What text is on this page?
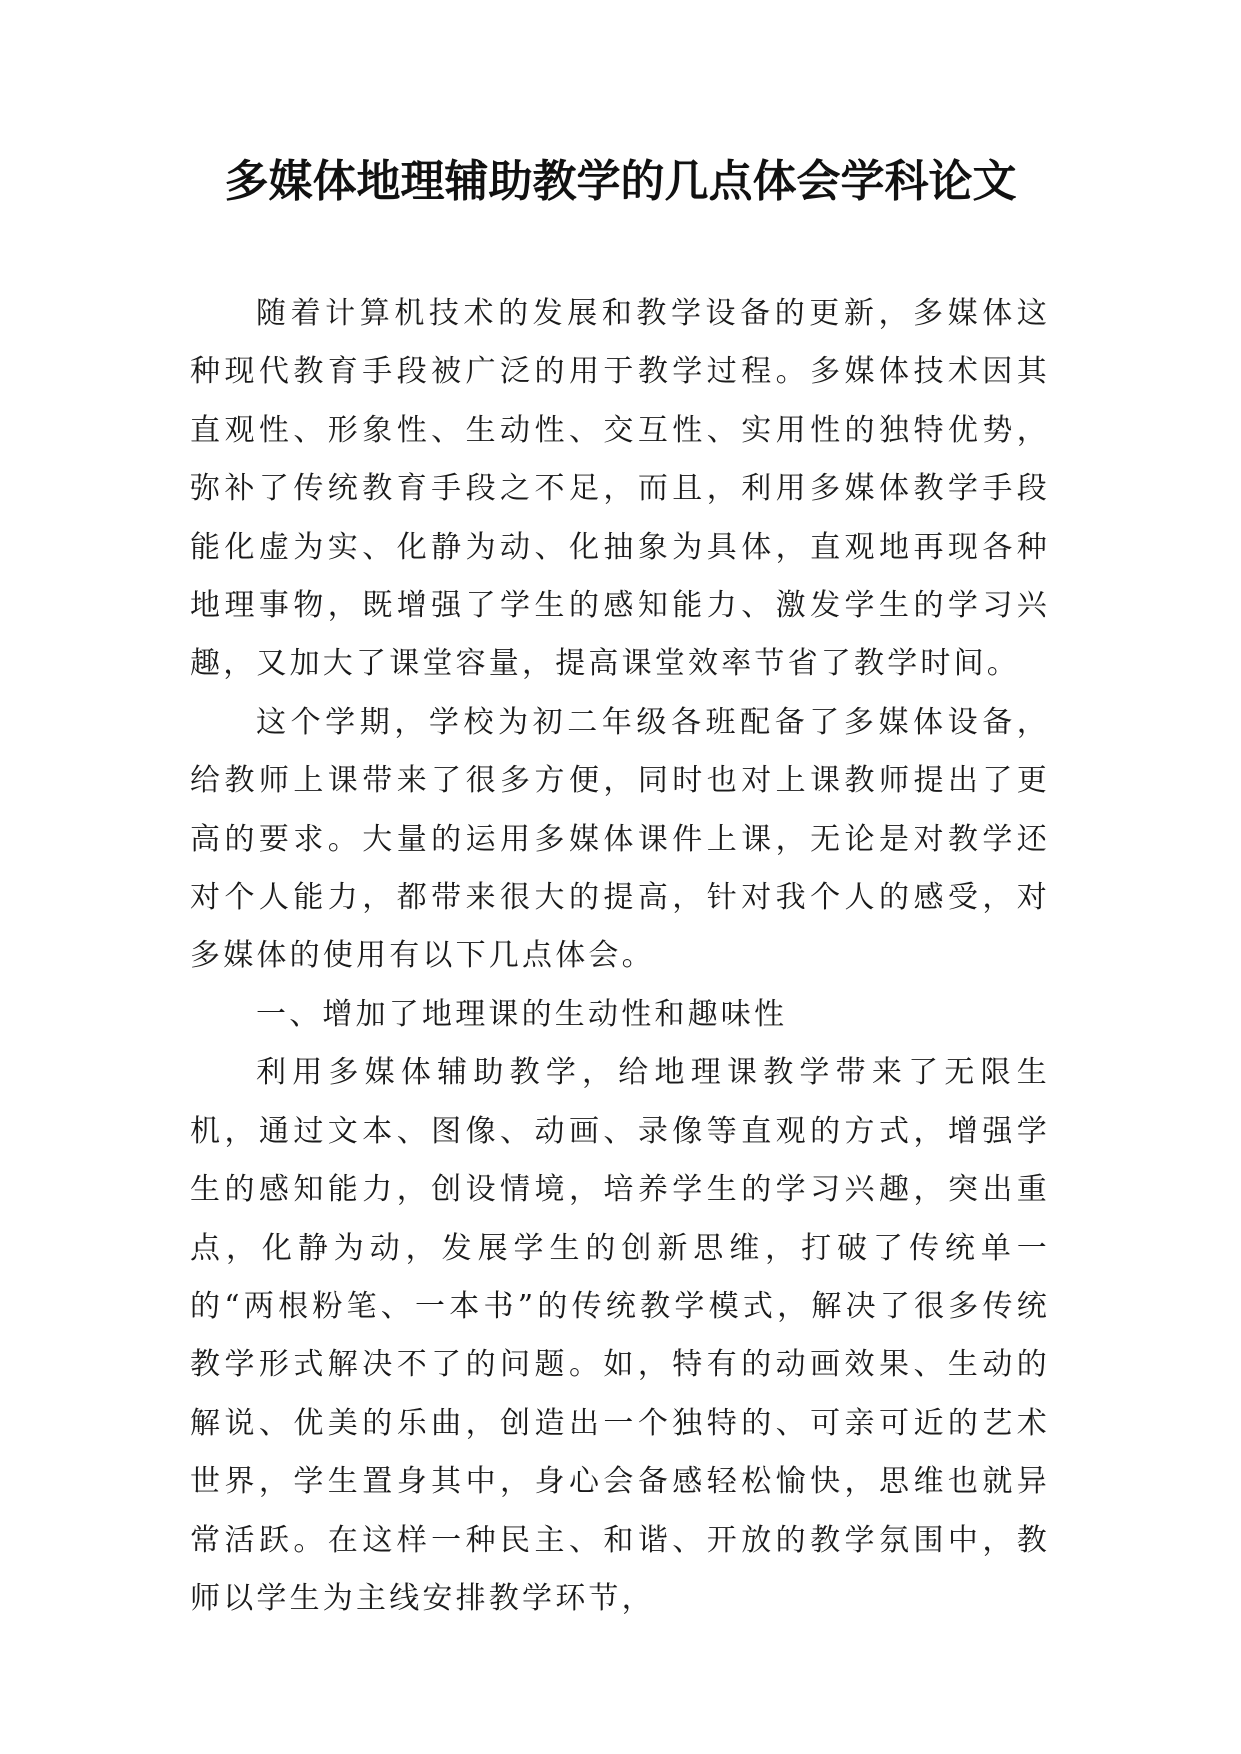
多媒体地理辅助教学的几点体会学科论文

随着计算机技术的发展和教学设备的更新，多媒体这种现代教育手段被广泛的用于教学过程。多媒体技术因其直观性、形象性、生动性、交互性、实用性的独特优势，弥补了传统教育手段之不足，而且，利用多媒体教学手段能化虚为实、化静为动、化抽象为具体，直观地再现各种地理事物，既增强了学生的感知能力、激发学生的学习兴趣，又加大了课堂容量，提高课堂效率节省了教学时间。

这个学期，学校为初二年级各班配备了多媒体设备，给教师上课带来了很多方便，同时也对上课教师提出了更高的要求。大量的运用多媒体课件上课，无论是对教学还对个人能力，都带来很大的提高，针对我个人的感受，对多媒体的使用有以下几点体会。

一、增加了地理课的生动性和趣味性

利用多媒体辅助教学，给地理课教学带来了无限生机，通过文本、图像、动画、录像等直观的方式，增强学生的感知能力，创设情境，培养学生的学习兴趣，突出重点，化静为动，发展学生的创新思维，打破了传统单一的“两根粉笔、一本书”的传统教学模式，解决了很多传统教学形式解决不了的问题。如，特有的动画效果、生动的解说、优美的乐曲，创造出一个独特的、可亲可近的艺术世界，学生置身其中，身心会备感轻松愉快，思维也就异常活跃。在这样一种民主、和谐、开放的教学氛围中，教师以学生为主线安排教学环节，
